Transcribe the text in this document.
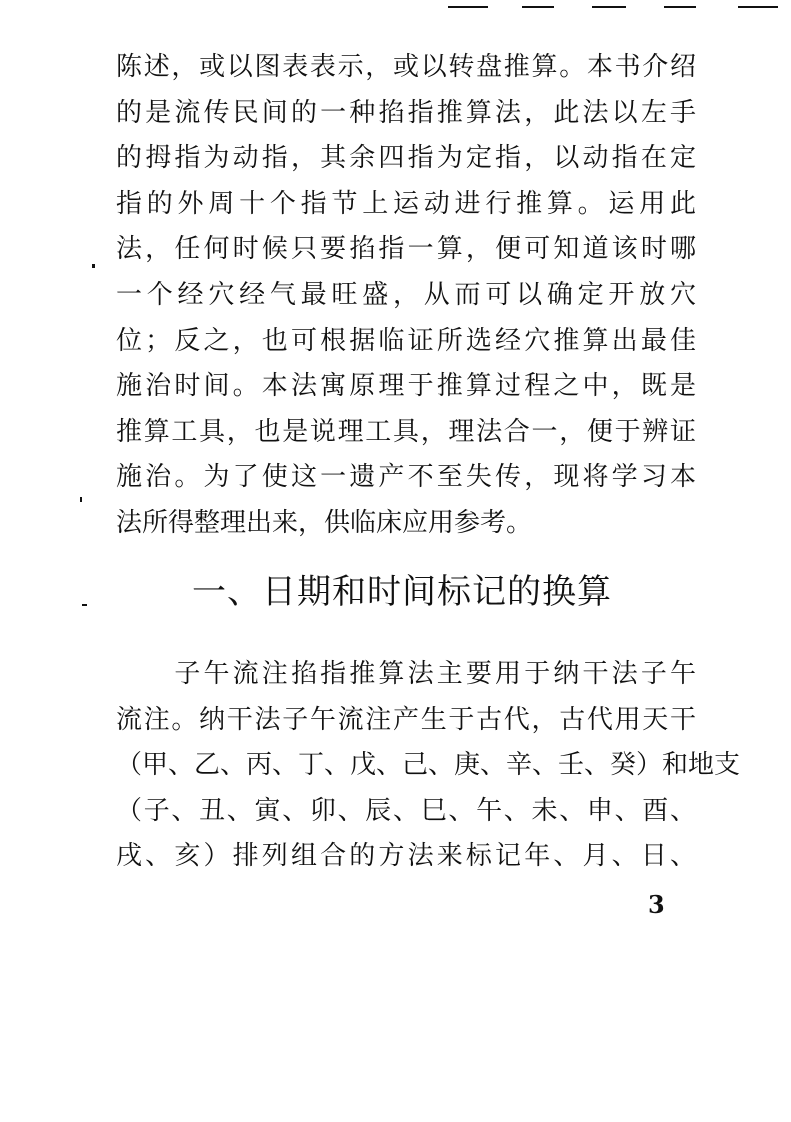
陈述，或以图表表示，或以转盘推算。本书介绍
的是流传民间的一种掐指推算法，此法以左手
的拇指为动指，其余四指为定指，以动指在定
指的外周十个指节上运动进行推算。运用此
法，任何时候只要掐指一算，便可知道该时哪
一个经穴经气最旺盛，从而可以确定开放穴
位；反之，也可根据临证所选经穴推算出最佳
施治时间。本法寓原理于推算过程之中，既是
推算工具，也是说理工具，理法合一，便于辨证
施治。为了使这一遗产不至失传，现将学习本
法所得整理出来，供临床应用参考。
一、日期和时间标记的换算
　　子午流注掐指推算法主要用于纳干法子午
流注。纳干法子午流注产生于古代，古代用天干
（甲、乙、丙、丁、戊、己、庚、辛、壬、癸）和地支
（子、丑、寅、卯、辰、巳、午、未、申、酉、
戌、亥）排列组合的方法来标记年、月、日、
3
